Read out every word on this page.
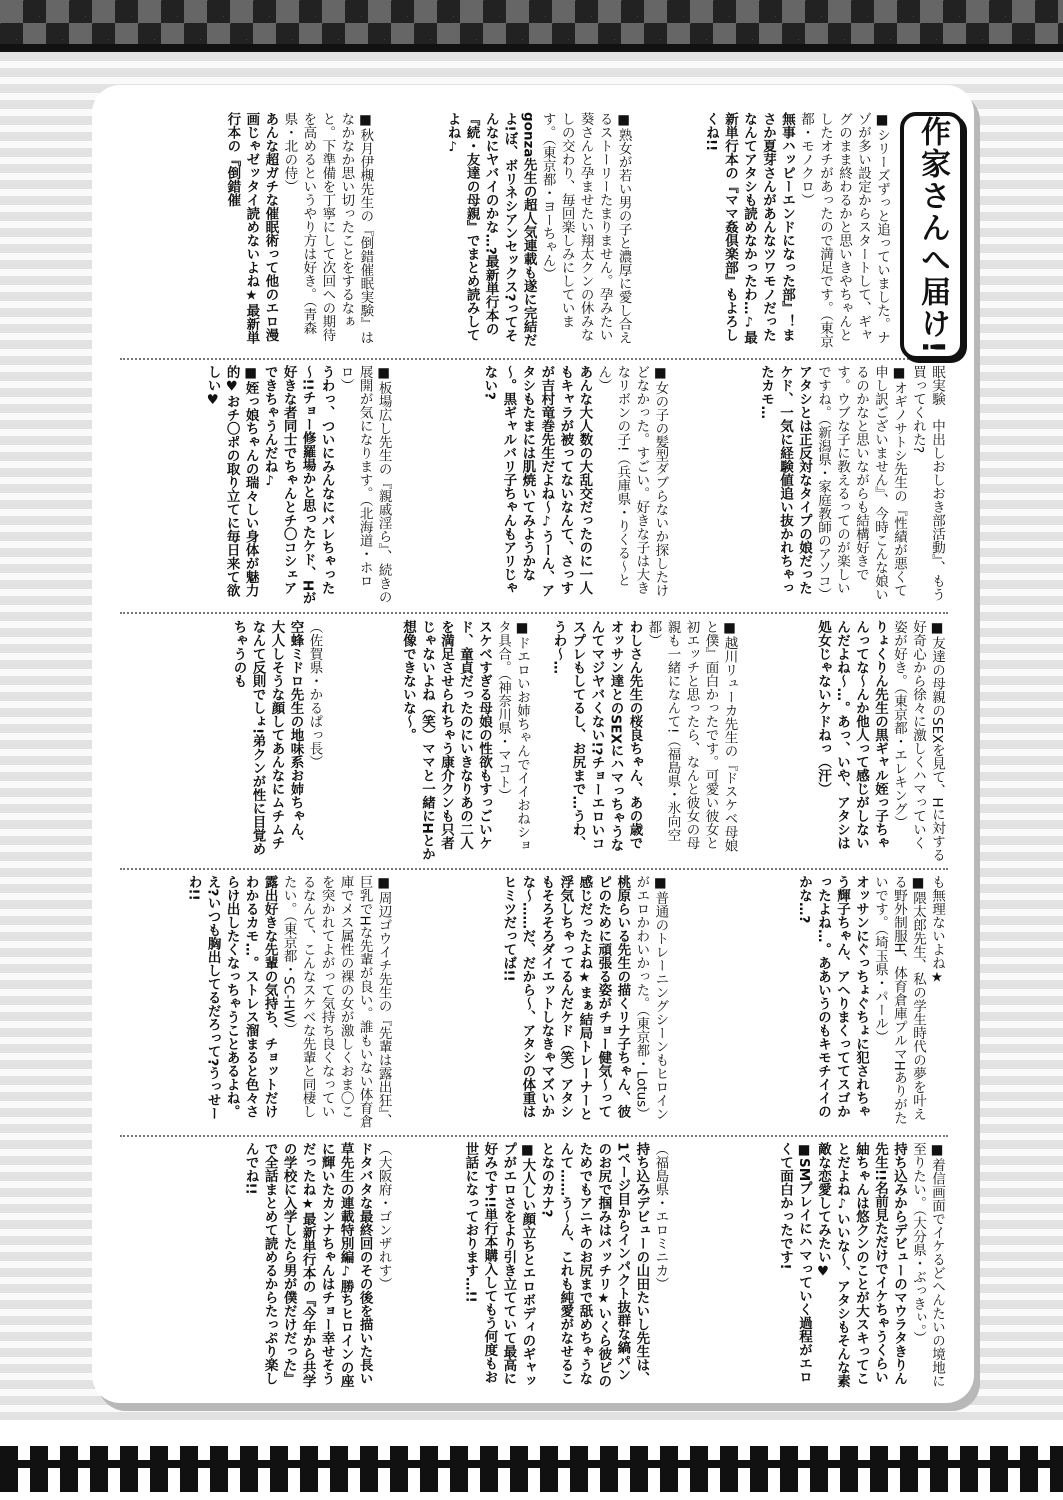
作家さんへ届け!
■シリーズずっと追っていました。ナゾが多い設定からスタートして、ギャグのまま終わるかと思いきやちゃんとしたオチがあったので満足です。（東京都・モノクロ）
無事ハッピーエンドになった部』！まさか夏芽さんがあんなツワモノだったなんてアタシも読めなかったわ…♪最新単行本の『ママ姦倶楽部』もよろしくね!!
■熟女が若い男の子と濃厚に愛し合えるストーリーたまりません。孕みたい葵さんと孕ませたい翔太クンの休みなしの交わり、毎回楽しみにしています。（東京都・ヨーちゃん）
gonza先生の超人気連載も遂に完結だよ!ぼ、ボリネシアンセックス?ってそんなにヤバイのかな…?最新単行本の『続・友達の母親』でまとめ読みしてよね♪
■秋月伊槻先生の『倒錯催眠実験』はなかなか思い切ったことをするなぁと。下準備を丁寧にして次回への期待を高めるというやり方は好き。（青森県・北の侍）
あんな超ガチな催眠術って他のエロ漫画じゃゼッタイ読めないよね★最新単行本の『倒錯催
眠実験　中出しおしおき部活動』、もう買ってくれた?
■オギノサトシ先生の『性績が悪くて申し訳ございません』、今時こんな娘いるのかなと思いながらも結構好きです。ウブな子に教えるってのが楽しいですね。（新潟県・家庭教師のアソコ）
アタシとは正反対なタイプの娘だったケド、一気に経験値追い抜かれちゃったカモ…
■女の子の髪型ダブらないか探したけどなかった。すごい。好きな子は大きなリボンの子!（兵庫県・りくる～とん）
あんな大人数の大乱交だったのに一人もキャラが被ってないなんて、さっすが吉村竜巻先生だよね～♪うーん、アタシもたまには肌焼いてみようかな～。黒ギャルバリ子ちゃんもアリじゃない?
■板場広し先生の『親戚淫ら』、続きの展開が気になります。（北海道・ホロロ）
うわっ、ついにみんなにバレちゃった～!!チョー修羅場かと思ったケド、Hが好きな者同士でちゃんとチ〇コシェアできちゃうんだね♪
■姪っ娘ちゃんの瑞々しい身体が魅力的♥おチ〇ポの取り立てに毎日来て欲しい♥
■友達の母親のSEXを見て、Hに対する好奇心から徐々に激しくハマっていく姿が好き。（東京都・エレキング）
りょくりん先生の黒ギャル姪っ子ちゃんってな～んか他人って感じがしないんだよね～…。あっ、いや、アタシは処女じゃないケドねっ（汗）
■越川リューカ先生の『ドスケベ母娘と僕』面白かったです。可愛い彼女と初エッチと思ったら、なんと彼女の母親も一緒になんて!（福島県・氷向空都）
わしさん先生の桜良ちゃん、あの歳でオッサン達とのSEXにハマっちゃうなんてマジヤバくない!?チョーエロいコスプレもしてるし、お尻まで…うわ、うわ～…
■ドエロいお姉ちゃんでイイおねショタ具合。（神奈川県・マコト）
スケベすぎる母娘の性欲もすっごいケド、童貞だったのにいきなりあの二人を満足させられちゃう康介クンも只者じゃないよね（笑）ママと一緒にHとか想像できないな～。
（佐賀県・かるぱっ長）
空蜂ミドロ先生の地味系お姉ちゃん、大人しそうな顔してあんなにムチムチなんて反則でしょ!弟クンが性に目覚めちゃうのも
も無理ないよね★
■隈太郎先生、私の学生時代の夢を叶える野外制服H、体育倉庫プルマHありがたいです。（埼玉県・パール）
オッサンにぐっちょぐちょに犯されちゃう輝子ちゃん、アヘりまくっててスゴかったよね…。ああいうのもキモチイイのかな…?
■普通のトレーニングシーンもヒロインがエロかわいかった。（東京都・Lotus）
桃原らいる先生の描くリナ子ちゃん、彼ピのために頑張る姿がチョー健気～って感じだったよね★まぁ結局トレーナーと浮気しちゃってるんだケド（笑）アタシもそろそろダイエットしなきゃマズいかな～……だ、だから～、アタシの体重はヒミツだってば!!
■周辺ゴウイチ先生の『先輩は露出狂』、巨乳でHな先輩が良い。誰もいない体育倉庫でメス属性の裸の女が激しくおま〇こを突かれてよがって気持ち良くなっているなんて、こんなスケベな先輩と同棲したい。（東京都・SC-HW）
露出好きな先輩の気持ち、チョットだけわかるカモ…。ストレス溜まると色々さらけ出したくなっちゃうことあるよね。え?いつも胸出してるだろって?うっせーわ!!
■着信画面でイケるどへんたいの境地に至りたい。（大分県・ぶっきぃ。）
持ち込みからデビューのマウラタきりん先生!!名前見ただけでイケちゃうくらい紬ちゃんは悠クンのことが大スキってことだよね♪いいな～、アタシもそんな素敵な恋愛してみたい♥
■SMプレイにハマっていく過程がエロくて面白かったです!
（福島県・エロミニカ）
持ち込みデビューの山田たいし先生は、1ページ目からインパクト抜群な縞パンのお尻で掴みはバッチリ★いくら彼ピのためでもアニキのお尻まで舐めちゃうなんて……う～ん、これも純愛がなせることなのカナ?
■大人しい顔立ちとエロボディのギャップがエロさをより引き立てていて最高に好みです!!単行本購入してもう何度もお世話になっております…!!
（大阪府・ゴンザれす）
ドタバタな最終回のその後を描いた長い草先生の連載特別編♪勝ちヒロインの座に輝いたカンナちゃんはチョー幸せそうだったね★最新単行本の『今年から共学の学校に入学したら男が僕だけだった』で全話まとめて読めるからたっぷり楽しんでね!!
